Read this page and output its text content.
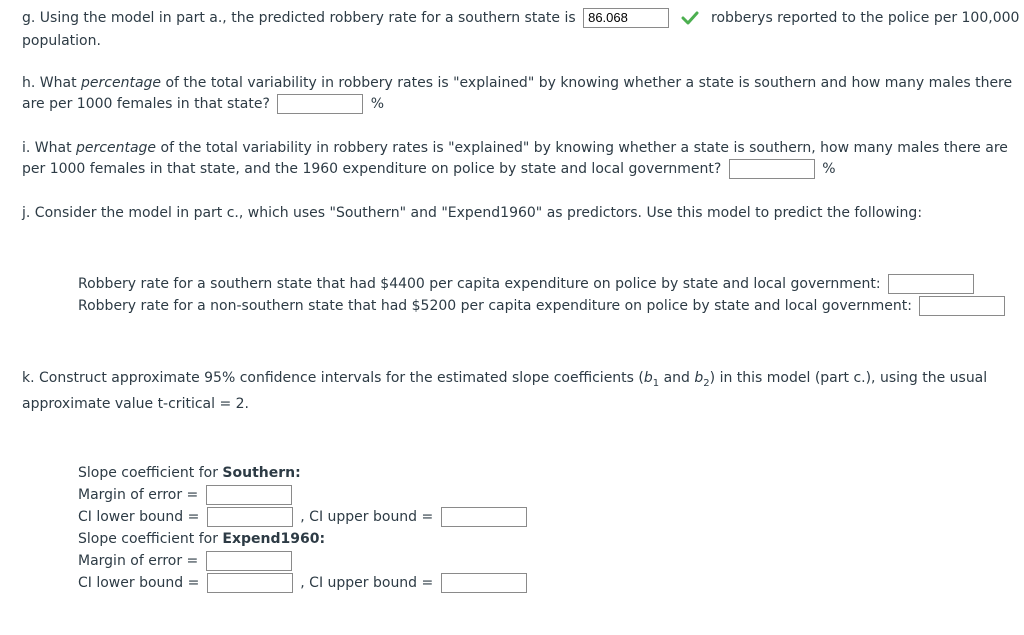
g. Using the model in part a., the predicted robbery rate for a southern state is 86.068	robberys reported to the police per 100,000
population.
h. What percentage of the total variability in robbery rates is "explained" by knowing whether a state is southern and how many males there
are per 1000 females in that state?	%
i. What percentage of the total variability in robbery rates is "explained" by knowing whether a state is southern, how many males there are
per 1000 females in that state, and the 1960 expenditure on police by state and local government?	%
j. Consider the model in part c., which uses "Southern" and "Expend1960" as predictors. Use this model to predict the following:
Robbery rate for a southern state that had $4400 per capita expenditure on police by state and local government:
Robbery rate for a non-southern state that had $5200 per capita expenditure on police by state and local government:
k. Construct approximate 95% confidence intervals for the estimated slope coefficients ($b_1$ and $b_2$) in this model (part c.), using the usual
approximate value t-critical = 2.
Slope coefficient for Southern:
Margin of error =
CI lower bound =	, CI upper bound =
Slope coefficient for Expend1960:
Margin of error =
CI lower bound =	, CI upper bound =
